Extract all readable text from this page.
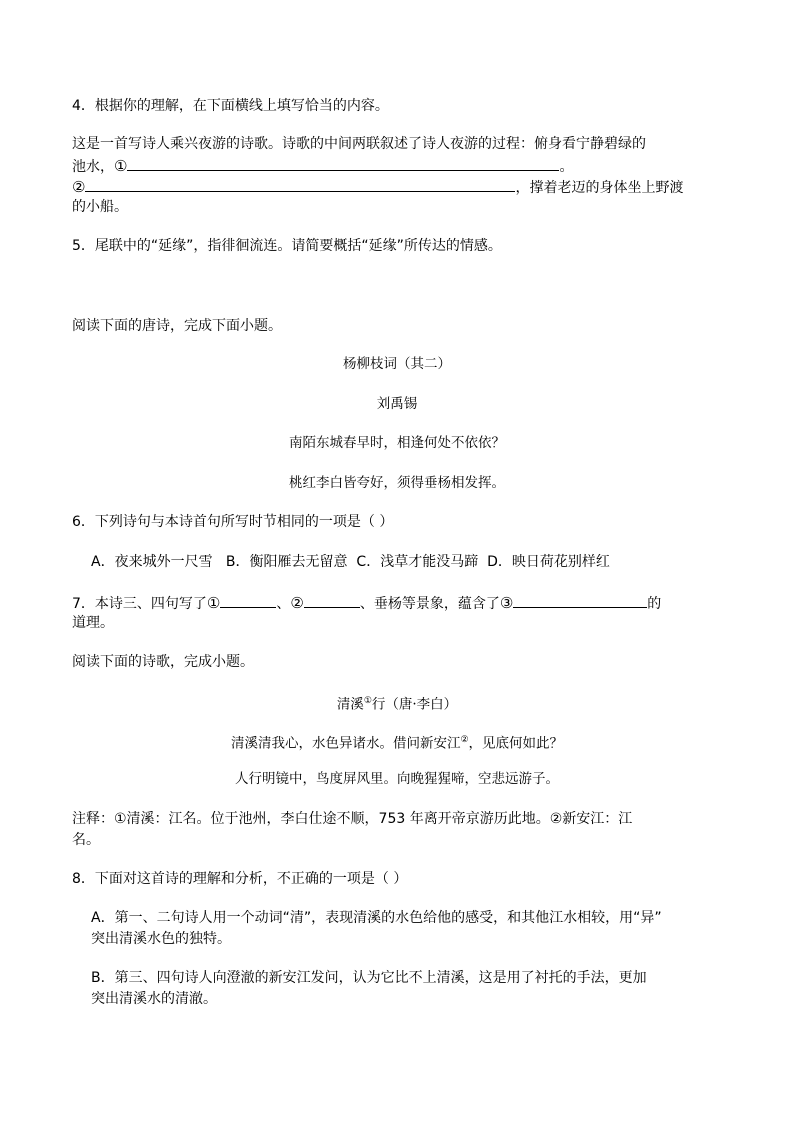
4．根据你的理解，在下面横线上填写恰当的内容。
这是一首写诗人乘兴夜游的诗歌。诗歌的中间两联叙述了诗人夜游的过程：俯身看宁静碧绿的
池水，①	。
②	，撑着老迈的身体坐上野渡
的小船。
5．尾联中的“延缘”，指徘徊流连。请简要概括“延缘”所传达的情感。
阅读下面的唐诗，完成下面小题。
杨柳枝词（其二）
刘禹锡
南陌东城春早时，相逢何处不依依？
桃红李白皆夸好，须得垂杨相发挥。
6．下列诗句与本诗首句所写时节相同的一项是（ ）
A．夜来城外一尺雪   B．衡阳雁去无留意  C．浅草才能没马蹄  D．映日荷花别样红
7．本诗三、四句写了①	、②	、垂杨等景象，蕴含了③	的
道理。
阅读下面的诗歌，完成小题。
清溪①行（唐·李白）
清溪清我心，水色异诸水。借问新安江②，见底何如此？
人行明镜中，鸟度屏风里。向晚猩猩啼，空悲远游子。
注释：①清溪：江名。位于池州，李白仕途不顺，753 年离开帝京游历此地。②新安江：江
名。
8．下面对这首诗的理解和分析，不正确的一项是（ ）
A．第一、二句诗人用一个动词“清”，表现清溪的水色给他的感受，和其他江水相较，用“异”
突出清溪水色的独特。
B．第三、四句诗人向澄澈的新安江发问，认为它比不上清溪，这是用了衬托的手法，更加
突出清溪水的清澈。
